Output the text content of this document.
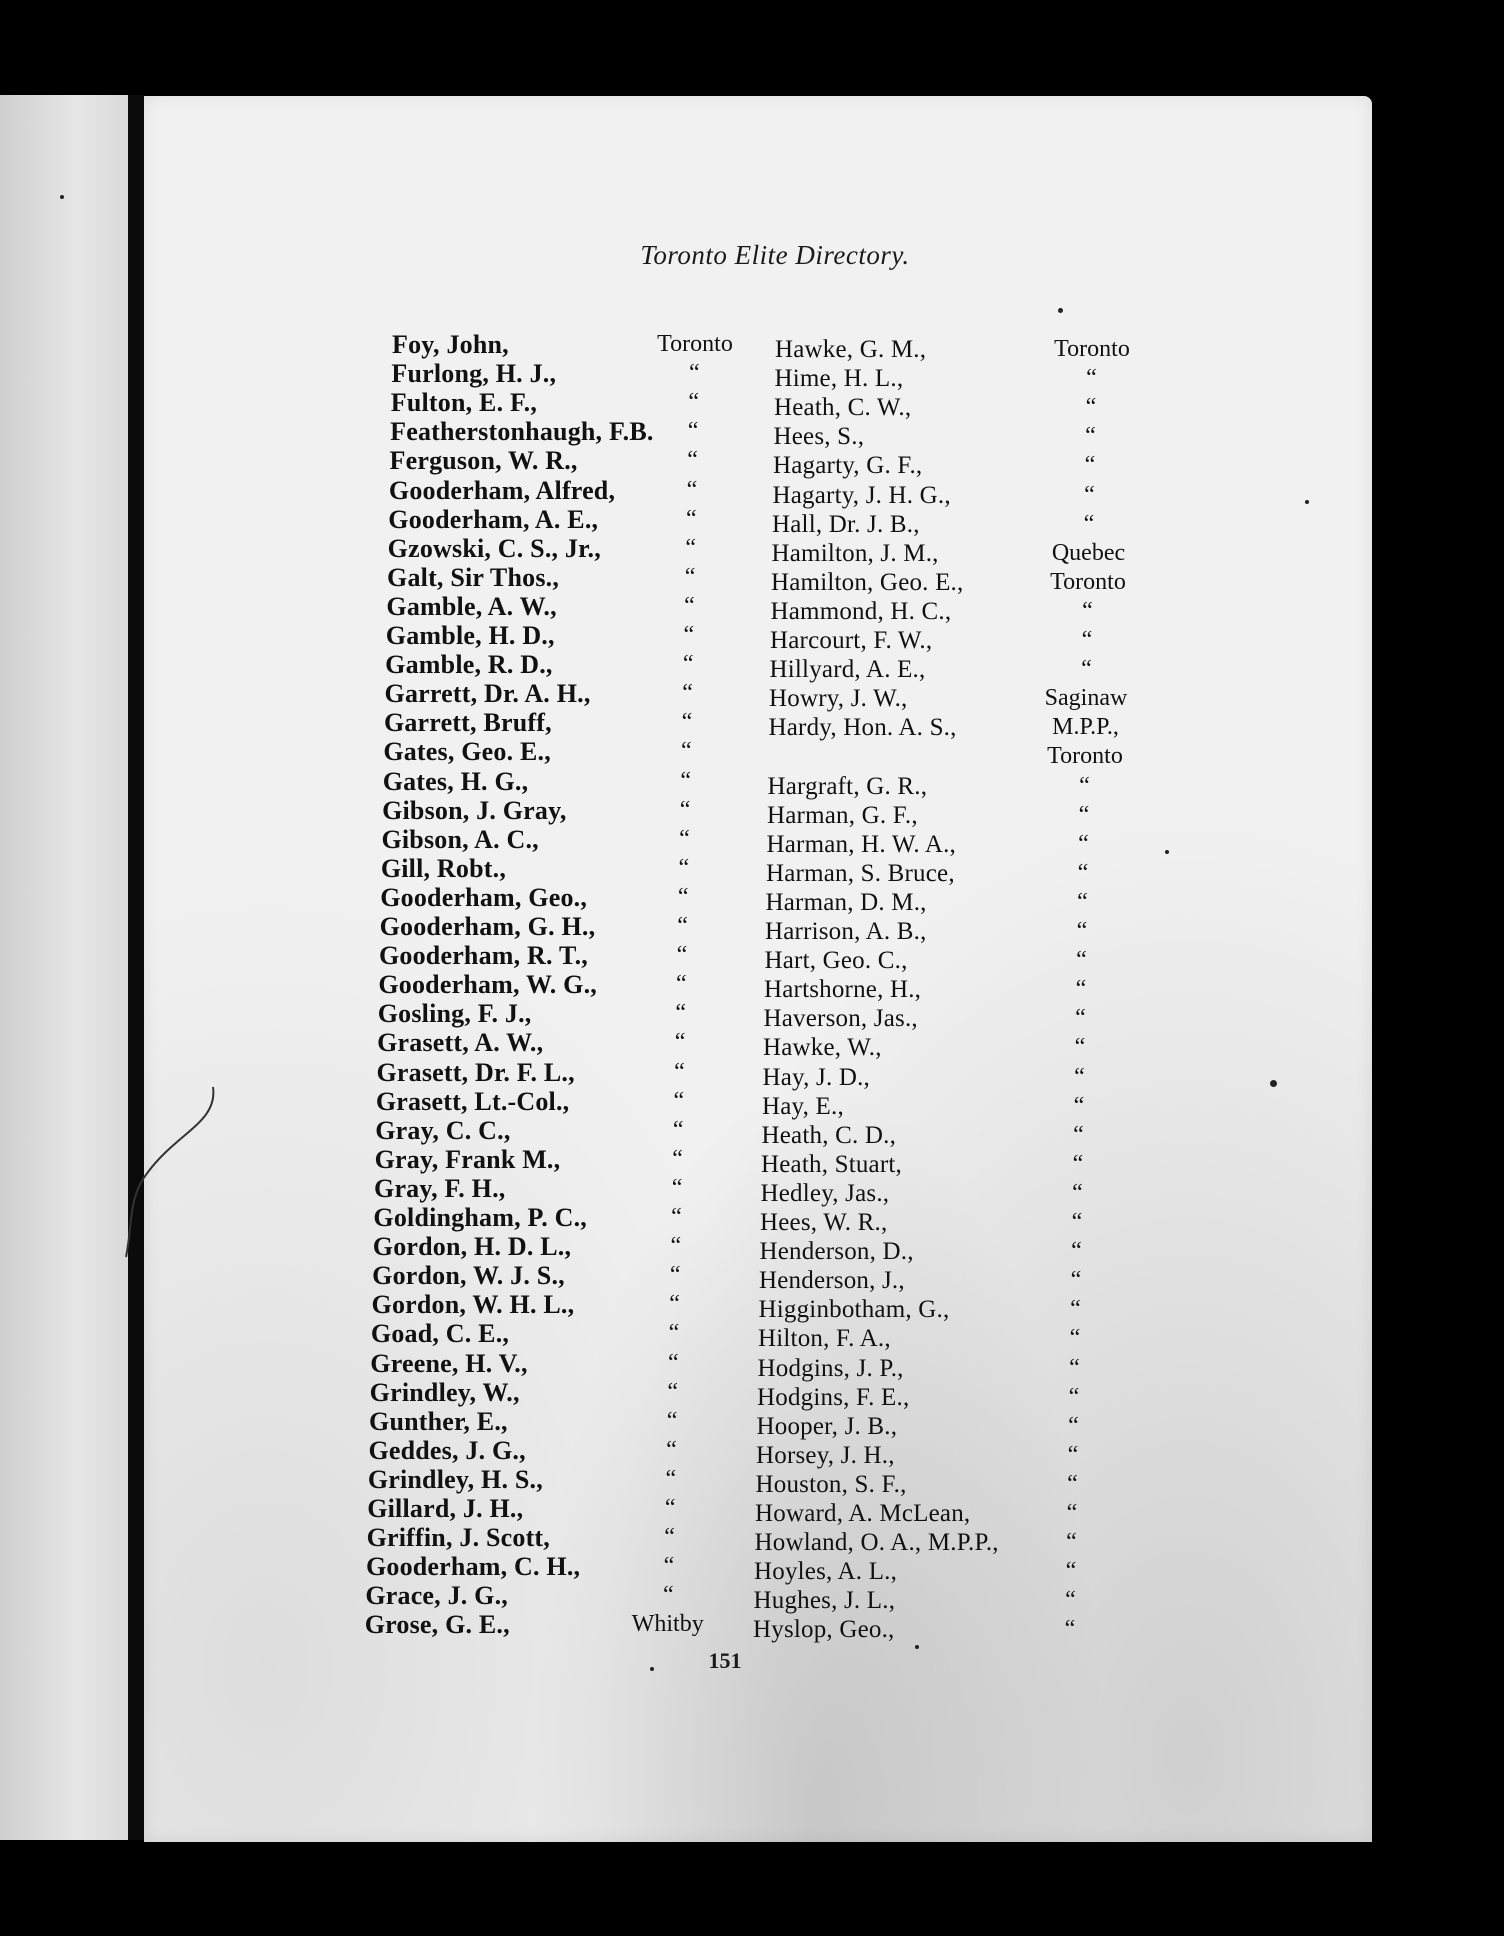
Toronto Elite Directory.
Foy, John,	Toronto
Furlong, H. J.,	“
Fulton, E. F.,	“
Featherstonhaugh, F.B.	“
Ferguson, W. R.,	“
Gooderham, Alfred,	“
Gooderham, A. E.,	“
Gzowski, C. S., Jr.,	“
Galt, Sir Thos.,	“
Gamble, A. W.,	“
Gamble, H. D.,	“
Gamble, R. D.,	“
Garrett, Dr. A. H.,	“
Garrett, Bruff,	“
Gates, Geo. E.,	“
Gates, H. G.,	“
Gibson, J. Gray,	“
Gibson, A. C.,	“
Gill, Robt.,	“
Gooderham, Geo.,	“
Gooderham, G. H.,	“
Gooderham, R. T.,	“
Gooderham, W. G.,	“
Gosling, F. J.,	“
Grasett, A. W.,	“
Grasett, Dr. F. L.,	“
Grasett, Lt.-Col.,	“
Gray, C. C.,	“
Gray, Frank M.,	“
Gray, F. H.,	“
Goldingham, P. C.,	“
Gordon, H. D. L.,	“
Gordon, W. J. S.,	“
Gordon, W. H. L.,	“
Goad, C. E.,	“
Greene, H. V.,	“
Grindley, W.,	“
Gunther, E.,	“
Geddes, J. G.,	“
Grindley, H. S.,	“
Gillard, J. H.,	“
Griffin, J. Scott,	“
Gooderham, C. H.,	“
Grace, J. G.,	“
Grose, G. E.,	Whitby
Hawke, G. M.,	Toronto
Hime, H. L.,	“
Heath, C. W.,	“
Hees, S.,	“
Hagarty, G. F.,	“
Hagarty, J. H. G.,	“
Hall, Dr. J. B.,	“
Hamilton, J. M.,	Quebec
Hamilton, Geo. E.,	Toronto
Hammond, H. C.,	“
Harcourt, F. W.,	“
Hillyard, A. E.,	“
Howry, J. W.,	Saginaw
Hardy, Hon. A. S.,	M.P.P.,
Toronto
Hargraft, G. R.,	“
Harman, G. F.,	“
Harman, H. W. A.,	“
Harman, S. Bruce,	“
Harman, D. M.,	“
Harrison, A. B.,	“
Hart, Geo. C.,	“
Hartshorne, H.,	“
Haverson, Jas.,	“
Hawke, W.,	“
Hay, J. D.,	“
Hay, E.,	“
Heath, C. D.,	“
Heath, Stuart,	“
Hedley, Jas.,	“
Hees, W. R.,	“
Henderson, D.,	“
Henderson, J.,	“
Higginbotham, G.,	“
Hilton, F. A.,	“
Hodgins, J. P.,	“
Hodgins, F. E.,	“
Hooper, J. B.,	“
Horsey, J. H.,	“
Houston, S. F.,	“
Howard, A. McLean,	“
Howland, O. A., M.P.P.,	“
Hoyles, A. L.,	“
Hughes, J. L.,	“
Hyslop, Geo.,	“
151
